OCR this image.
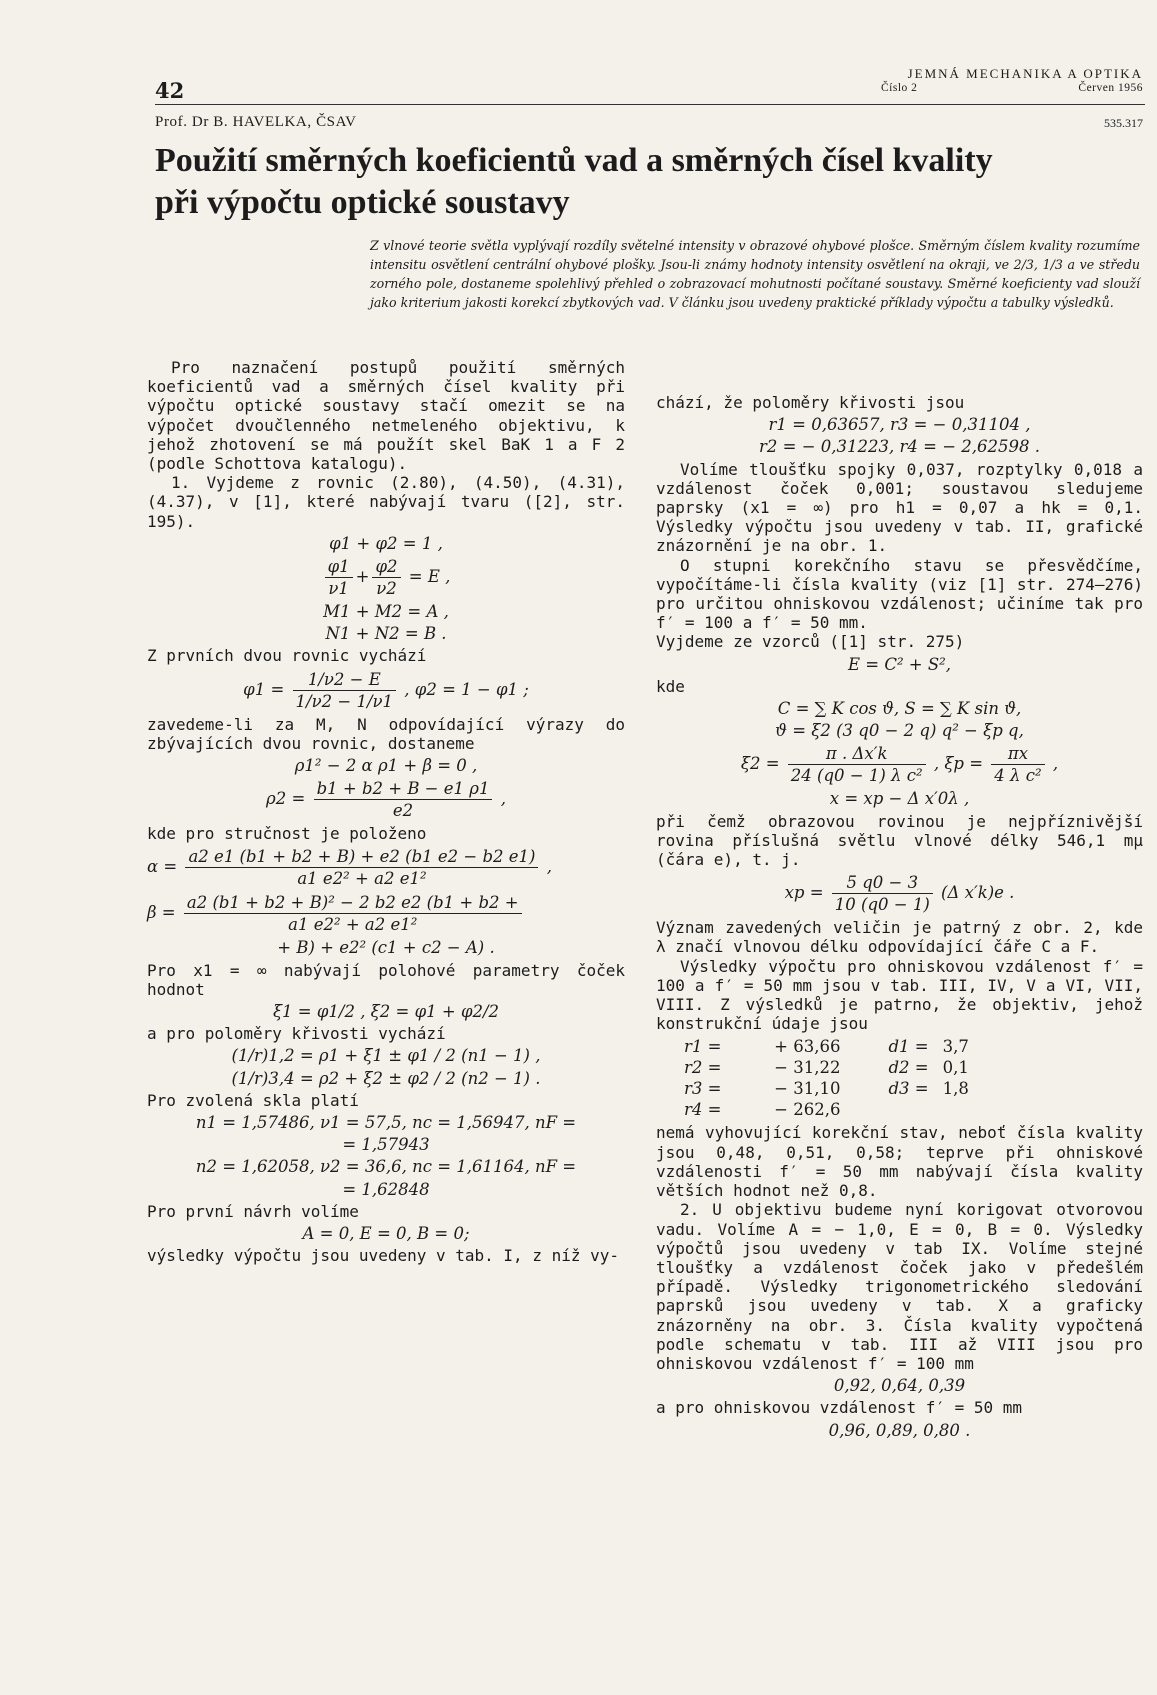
42
JEMNÁ MECHANIKA A OPTIKA
Číslo 2	Červen 1956
Prof. Dr B. HAVELKA, ČSAV	535.317
Použití směrných koeficientů vad a směrných čísel kvality
při výpočtu optické soustavy
Z vlnové teorie světla vyplývají rozdíly světelné intensity v obrazové ohybové plošce. Směrným číslem kvality rozumíme intensitu osvětlení centrální ohybové plošky. Jsou-li známy hodnoty intensity osvětlení na okraji, ve 2/3, 1/3 a ve středu zorného pole, dostaneme spolehlivý přehled o zobrazovací mohutnosti počítané soustavy. Směrné koeficienty vad slouží jako kriterium jakosti korekcí zbytkových vad. V článku jsou uvedeny praktické příklady výpočtu a tabulky výsledků.

Pro naznačení postupů použití směrných koeficientů vad a směrných čísel kvality při výpočtu optické soustavy stačí omezit se na výpočet dvoučlenného netmeleného objektivu, k jehož zhotovení se má použít skel BaK 1 a F 2 (podle Schottova katalogu).

1. Vyjdeme z rovnic (2.80), (4.50), (4.31), (4.37), v [1], které nabývají tvaru ([2], str. 195).

φ1 + φ2 = 1 ,
$\frac{\varphi 1}{\nu 1} + \frac{\varphi 2}{\nu 2} = E$ ,
M1 + M2 = A ,
N1 + N2 = B .

Z prvních dvou rovnic vychází

$\varphi 1 = \frac{1/\nu 2 - E}{1/\nu 2 - 1/\nu 1}$ , φ2 = 1 − φ1 ;

zavedeme-li za M, N odpovídající výrazy do zbývajících dvou rovnic, dostaneme

ρ1² − 2 α ρ1 + β = 0 ,
$\rho 2 = \frac{b1 + b2 + B - e1 \rho 1}{e2}$ ,

kde pro stručnost je položeno

$\alpha = \frac{a2 e1 (b1 + b2 + B) + e2 (b1 e2 - b2 e1)}{\text{a1 e2² + a2 e1²}}$ ,
$\beta = \frac{\text{a2 (b1 + b2 + B)² − 2 b2 e2 (b1 + b2 +}}{\text{a1 e2² + a2 e1²}}$
+ B) + e2² (c1 + c2 − A) .

Pro x1 = ∞ nabývají polohové parametry čoček hodnot

ξ1 = φ1/2 , ξ2 = φ1 + φ2/2

a pro poloměry křivosti vychází

(1/r)1,2 = ρ1 + ξ1 ± φ1 / 2 (n1 − 1) ,
(1/r)3,4 = ρ2 + ξ2 ± φ2 / 2 (n2 − 1) .

Pro zvolená skla platí

n1 = 1,57486, ν1 = 57,5, nc = 1,56947, nF =
= 1,57943
n2 = 1,62058, ν2 = 36,6, nc = 1,61164, nF =
= 1,62848

Pro první návrh volíme

A = 0, E = 0, B = 0;

výsledky výpočtu jsou uvedeny v tab. I, z níž vy-

chází, že poloměry křivosti jsou

r1 = 0,63657, r3 = − 0,31104 ,
r2 = − 0,31223, r4 = − 2,62598 .

Volíme tloušťku spojky 0,037, rozptylky 0,018 a vzdálenost čoček 0,001; soustavou sledujeme paprsky (x1 = ∞) pro h1 = 0,07 a hk = 0,1. Výsledky výpočtu jsou uvedeny v tab. II, grafické znázornění je na obr. 1.

O stupni korekčního stavu se přesvědčíme, vypočítáme-li čísla kvality (viz [1] str. 274—276) pro určitou ohniskovou vzdálenost; učiníme tak pro f′ = 100 a f′ = 50 mm.

Vyjdeme ze vzorců ([1] str. 275)

E = C² + S²,

kde

C = ∑ K cos ϑ, S = ∑ K sin ϑ,
ϑ = ξ2 (3 q0 − 2 q) q² − ξp q,
$\xi 2 = \frac{\pi . \Delta x'k}{\text{24 (q0 − 1) λ c²}}$ , $\xi p = \frac{\pi x}{\text{4 λ c²}}$ ,
x = xp − Δ x′0λ ,

při čemž obrazovou rovinou je nejpříznivější rovina příslušná světlu vlnové délky 546,1 mμ (čára e), t. j.

xp = $\frac{5 q0 - 3}{10 (q0 - 1)} (\Delta$ x′k)e .

Význam zavedených veličin je patrný z obr. 2, kde λ značí vlnovou délku odpovídající čáře C a F.

Výsledky výpočtu pro ohniskovou vzdálenost f′ = 100 a f′ = 50 mm jsou v tab. III, IV, V a VI, VII, VIII. Z výsledků je patrno, že objektiv, jehož konstrukční údaje jsou

r1 =	+ 63,66	d1 =	3,7
r2 =	− 31,22	d2 =	0,1
r3 =	− 31,10	d3 =	1,8
r4 =	− 262,6		

nemá vyhovující korekční stav, neboť čísla kvality jsou 0,48, 0,51, 0,58; teprve při ohniskové vzdálenosti f′ = 50 mm nabývají čísla kvality větších hodnot než 0,8.

2. U objektivu budeme nyní korigovat otvorovou vadu. Volíme A = − 1,0, E = 0, B = 0. Výsledky výpočtů jsou uvedeny v tab IX. Volíme stejné tloušťky a vzdálenost čoček jako v předešlém případě. Výsledky trigonometrického sledování paprsků jsou uvedeny v tab. X a graficky znázorněny na obr. 3. Čísla kvality vypočtená podle schematu v tab. III až VIII jsou pro ohniskovou vzdálenost f′ = 100 mm

0,92, 0,64, 0,39

a pro ohniskovou vzdálenost f′ = 50 mm

0,96, 0,89, 0,80 .
